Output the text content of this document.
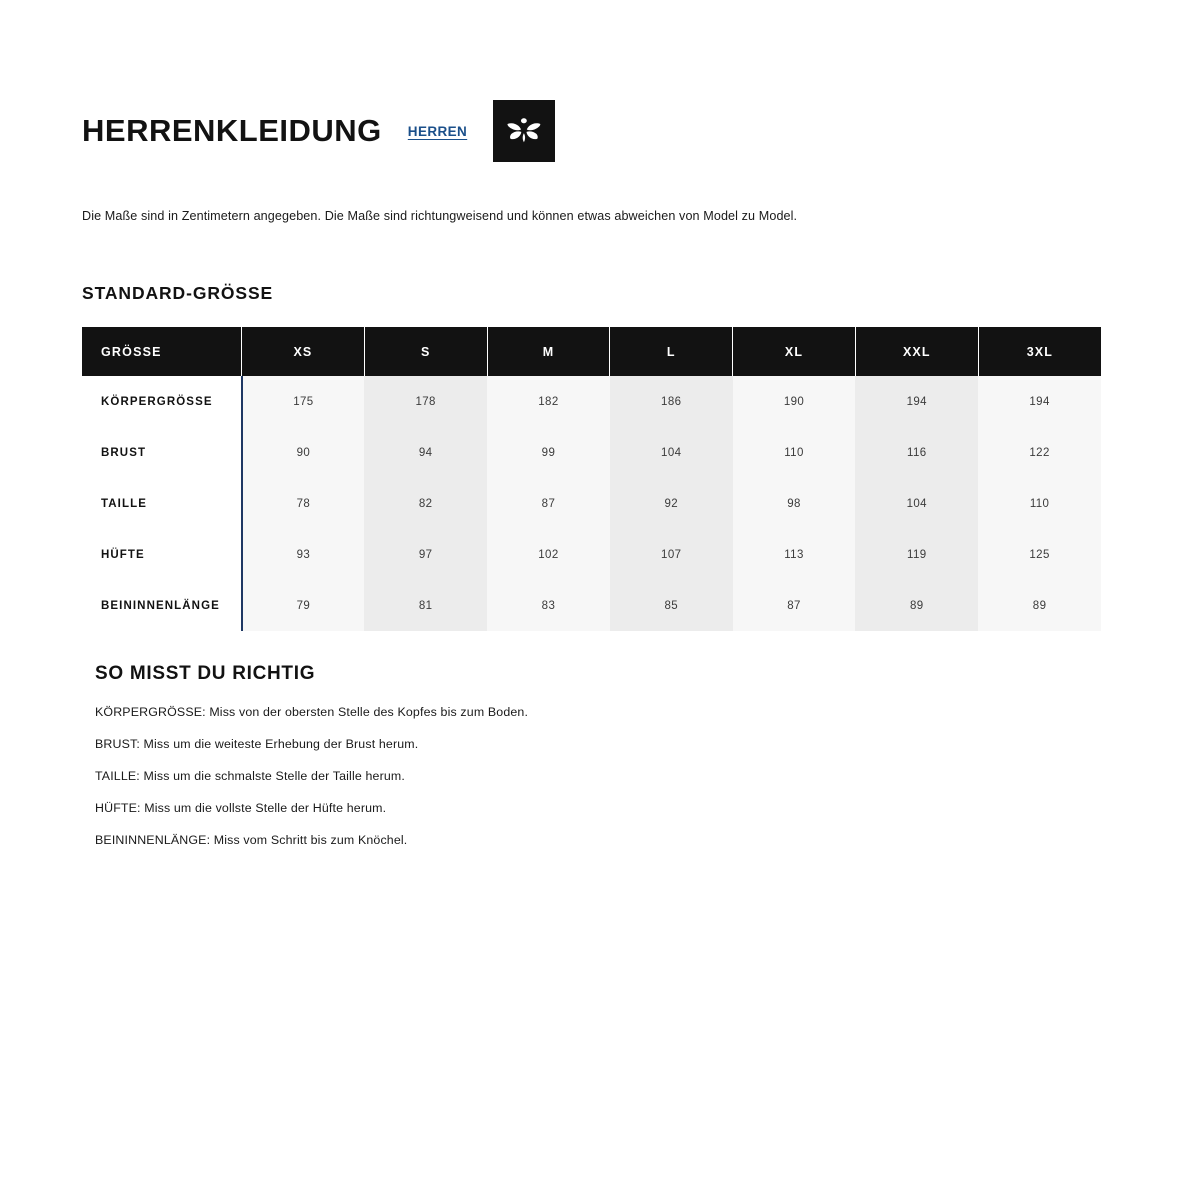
HERRENKLEIDUNG HERREN

Die Maße sind in Zentimetern angegeben. Die Maße sind richtungweisend und können etwas abweichen von Model zu Model.

STANDARD-GRÖSSE
GRÖSSE	XS	S	M	L	XL	XXL	3XL
KÖRPERGRÖSSE	175	178	182	186	190	194	194
BRUST	90	94	99	104	110	116	122
TAILLE	78	82	87	92	98	104	110
HÜFTE	93	97	102	107	113	119	125
BEININNENLÄNGE	79	81	83	85	87	89	89
SO MISST DU RICHTIG
KÖRPERGRÖSSE: Miss von der obersten Stelle des Kopfes bis zum Boden.
BRUST: Miss um die weiteste Erhebung der Brust herum.
TAILLE: Miss um die schmalste Stelle der Taille herum.
HÜFTE: Miss um die vollste Stelle der Hüfte herum.
BEININNENLÄNGE: Miss vom Schritt bis zum Knöchel.
